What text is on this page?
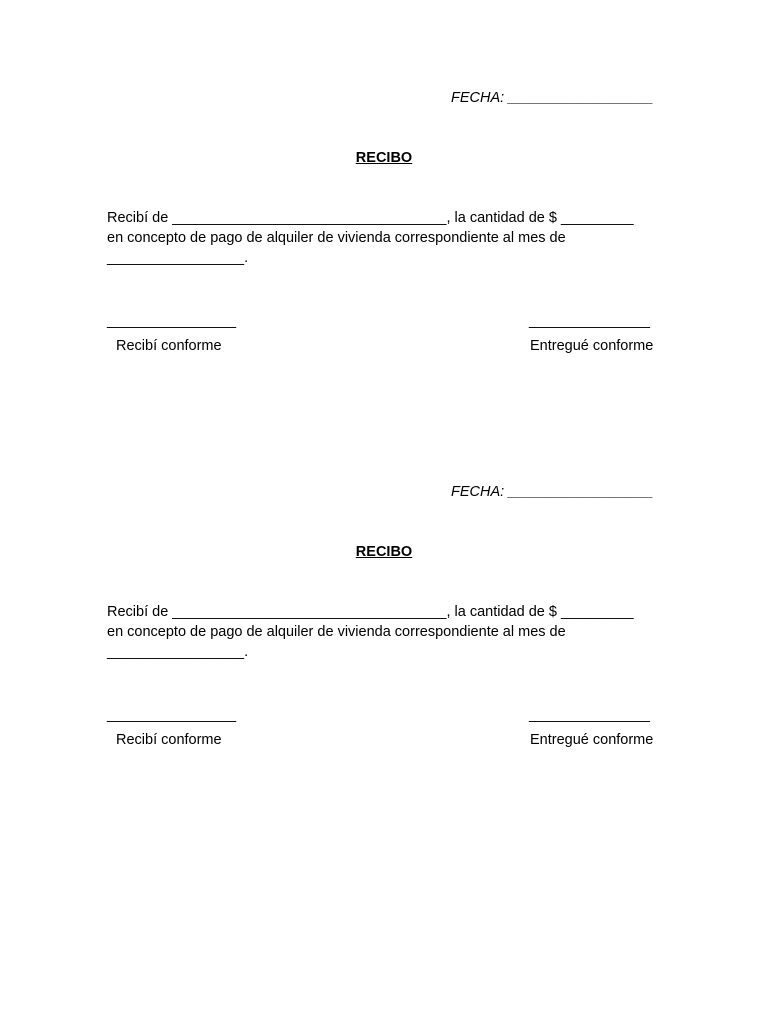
FECHA: __________________
RECIBO
Recibí de __________________________________, la cantidad de $ _________
en concepto de pago de alquiler de vivienda correspondiente al mes de
_________________.
________________	_______________
Recibí conforme	Entregué conforme
FECHA: __________________
RECIBO
Recibí de __________________________________, la cantidad de $ _________
en concepto de pago de alquiler de vivienda correspondiente al mes de
_________________.
________________	_______________
Recibí conforme	Entregué conforme
